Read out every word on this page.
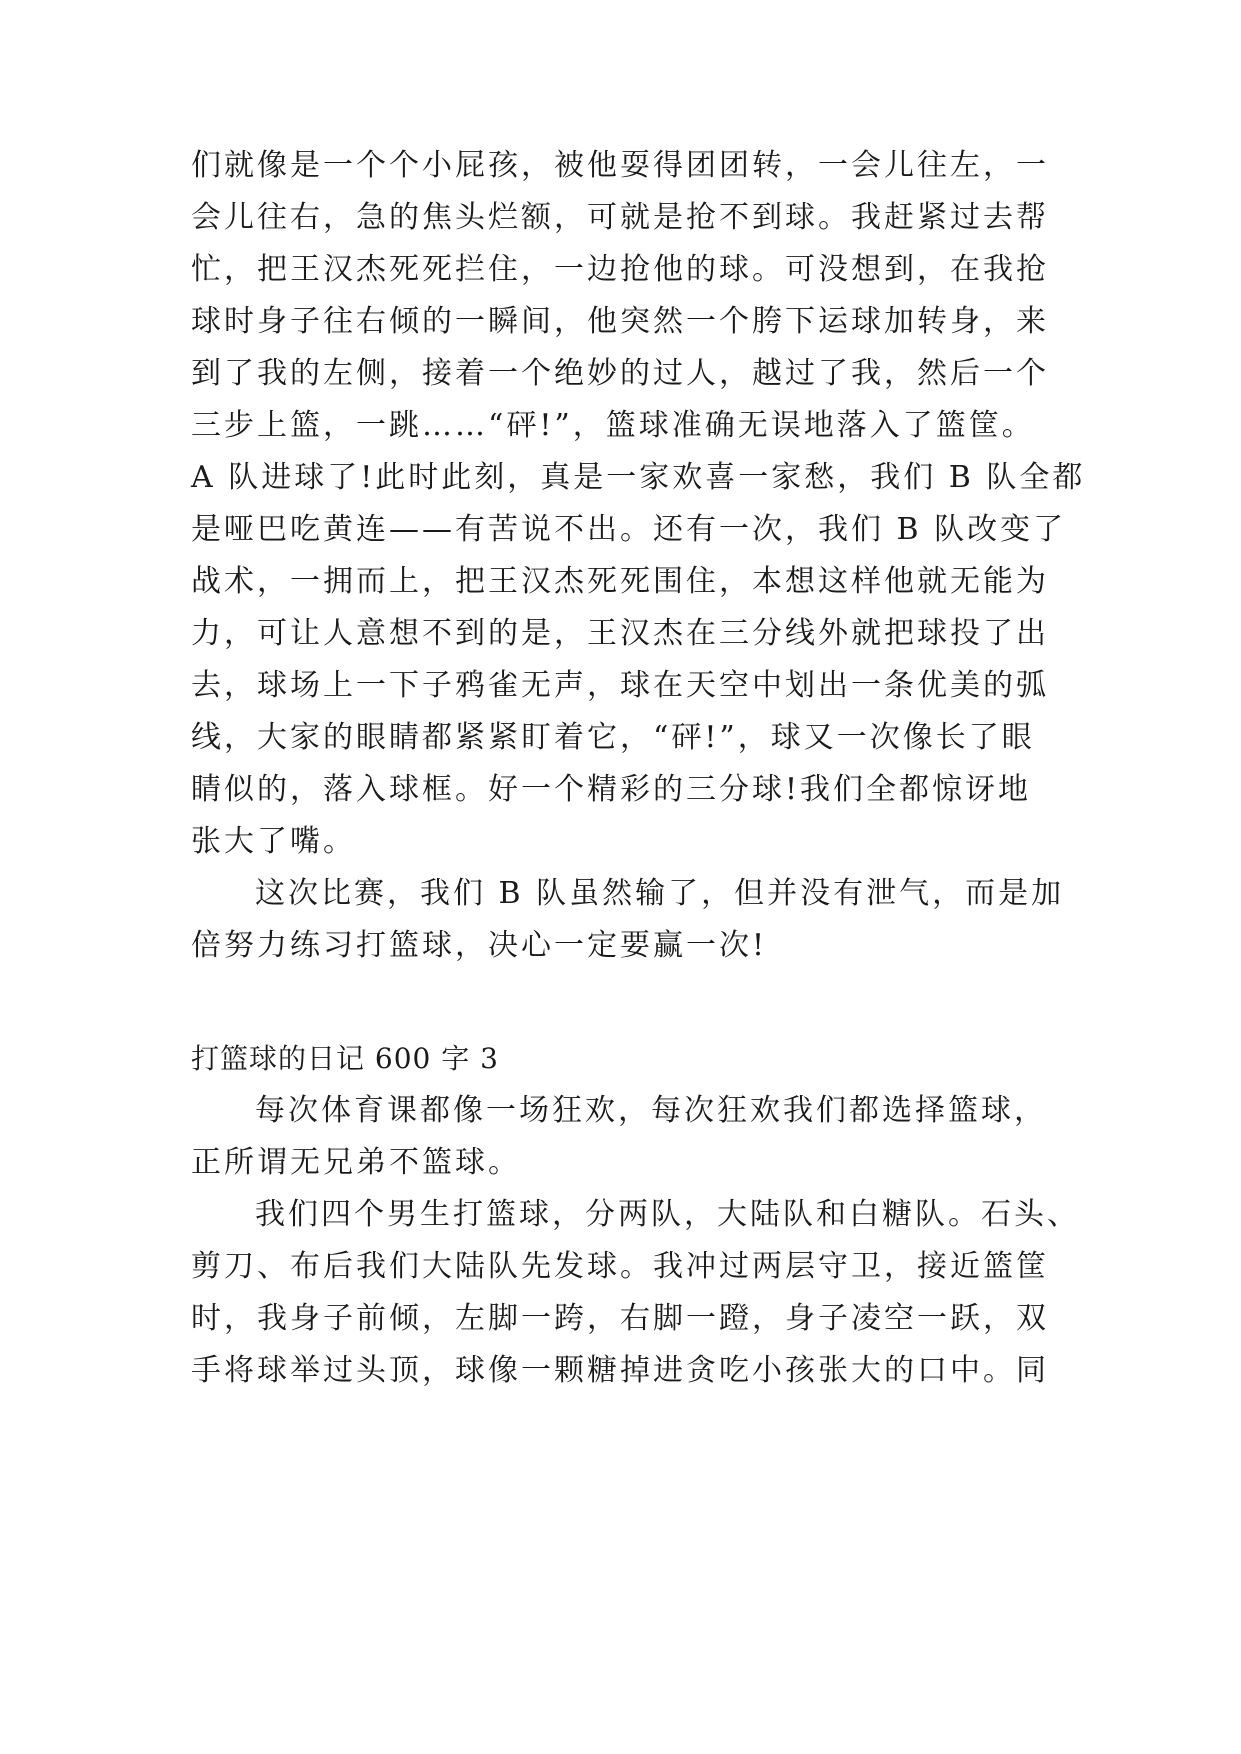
们就像是一个个小屁孩，被他耍得团团转，一会儿往左，一
会儿往右，急的焦头烂额，可就是抢不到球。我赶紧过去帮
忙，把王汉杰死死拦住，一边抢他的球。可没想到，在我抢
球时身子往右倾的一瞬间，他突然一个胯下运球加转身，来
到了我的左侧，接着一个绝妙的过人，越过了我，然后一个
三步上篮，一跳……“砰!”，篮球准确无误地落入了篮筐。
A 队进球了!此时此刻，真是一家欢喜一家愁，我们 B 队全都
是哑巴吃黄连——有苦说不出。还有一次，我们 B 队改变了
战术，一拥而上，把王汉杰死死围住，本想这样他就无能为
力，可让人意想不到的是，王汉杰在三分线外就把球投了出
去，球场上一下子鸦雀无声，球在天空中划出一条优美的弧
线，大家的眼睛都紧紧盯着它，“砰!”，球又一次像长了眼
睛似的，落入球框。好一个精彩的三分球!我们全都惊讶地
张大了嘴。
这次比赛，我们 B 队虽然输了，但并没有泄气，而是加
倍努力练习打篮球，决心一定要赢一次!
打篮球的日记 600 字 3
每次体育课都像一场狂欢，每次狂欢我们都选择篮球，
正所谓无兄弟不篮球。
我们四个男生打篮球，分两队，大陆队和白糖队。石头、
剪刀、布后我们大陆队先发球。我冲过两层守卫，接近篮筐
时，我身子前倾，左脚一跨，右脚一蹬，身子凌空一跃，双
手将球举过头顶，球像一颗糖掉进贪吃小孩张大的口中。同
